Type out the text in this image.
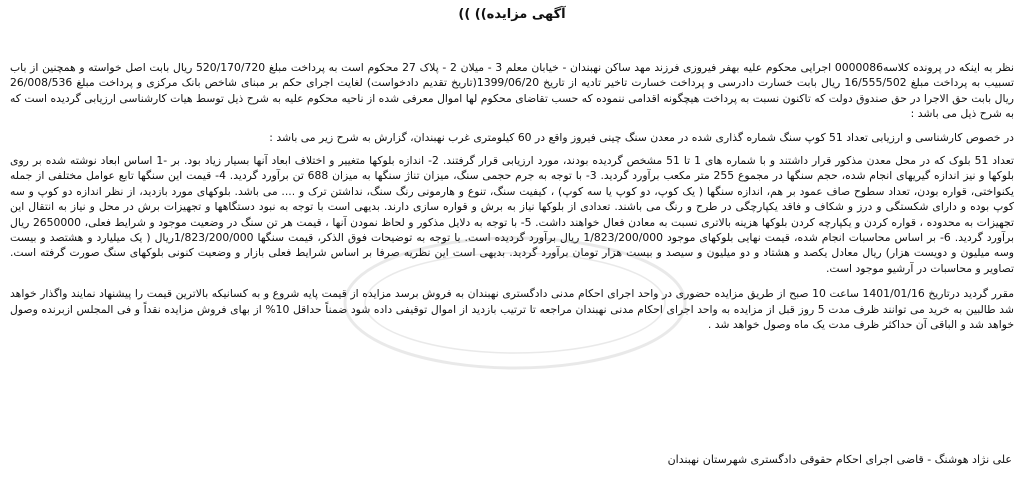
آگهی مزایده)) ))

نظر به اینکه در پرونده کلاسه0000086 اجرایی محکوم علیه بهفر فیروزی فرزند مهد ساکن نهبندان - خیابان معلم 3 - میلان 2 - پلاک 27 محکوم است به پرداخت مبلغ 520/170/720 ریال بابت اصل خواسته و همچنین از باب تسبیب به پرداخت مبلغ 16/555/502 ریال بابت خسارت دادرسی و پرداخت خسارت تاخیر تادیه از تاریخ 1399/06/20(تاریخ تقدیم دادخواست) لغایت اجرای حکم بر مبنای شاخص بانک مرکزی و پرداخت مبلغ 26/008/536 ریال بابت حق الاجرا در حق صندوق دولت که تاکنون نسبت به پرداخت هیچگونه اقدامی ننموده که حسب تقاضای محکوم لها اموال معرفی شده از ناحیه محکوم علیه به شرح ذیل توسط هیات کارشناسی ارزیابی گردیده است که به شرح ذیل می باشد :

در خصوص کارشناسی و ارزیابی تعداد 51 کوپ سنگ شماره گذاری شده در معدن سنگ چینی فیروز واقع در 60 کیلومتری غرب نهبندان، گزارش به شرح زیر می باشد :

تعداد 51 بلوک که در محل معدن مذکور قرار داشتند و با شماره های 1 تا 51 مشخص گردیده بودند، مورد ارزیابی قرار گرفتند. 2- اندازه بلوکها متغییر و اختلاف ابعاد آنها بسیار زیاد بود. بر -1 اساس ابعاد نوشته شده بر روی بلوکها و نیز اندازه گیریهای انجام شده، حجم سنگها در مجموع 255 متر مکعب برآورد گردید. 3- با توجه به جرم حجمی سنگ، میزان تناژ سنگها به میزان 688 تن برآورد گردید. 4- قیمت این سنگها تابع عوامل مختلفی از جمله یکنواختی، قواره بودن، تعداد سطوح صاف عمود بر هم، اندازه سنگها ( یک کوپ، دو کوپ یا سه کوپ) ، کیفیت سنگ، تنوع و هارمونی رنگ سنگ، نداشتن ترک و .... می باشد. بلوکهای مورد بازدید، از نظر اندازه دو کوپ و سه کوپ بوده و دارای شکستگی و درز و شکاف و فاقد یکپارچگی در طرح و رنگ می باشند. تعدادی از بلوکها نیاز به برش و قواره سازی دارند. بدیهی است با توجه به نبود دستگاهها و تجهیزات برش در محل و نیاز به انتقال این تجهیزات به محدوده ، قواره کردن و یکپارچه کردن بلوکها هزینه بالاتری نسبت به معادن فعال خواهند داشت. 5- با توجه به دلایل مذکور و لحاظ نمودن آنها ، قیمت هر تن سنگ در وضعیت موجود و شرایط فعلی، 2650000 ریال برآورد گردید. 6- بر اساس محاسبات انجام شده، قیمت نهایی بلوکهای موجود 1/823/200/000 ریال برآورد گردیده است. با توجه به توضیحات فوق الذکر، قیمت سنگها 1/823/200/000ریال ( یک میلیارد و هشتصد و بیست وسه میلیون و دویست هزار) ریال معادل یکصد و هشتاد و دو میلیون و سیصد و بیست هزار تومان برآورد گردید. بدیهی است این نظریه صرفا بر اساس شرایط فعلی بازار و وضعیت کنونی بلوکهای سنگ صورت گرفته است. تصاویر و محاسبات در آرشیو موجود است.

مقرر گردید درتاریخ 1401/01/16 ساعت 10 صبح از طریق مزایده حضوری در واحد اجرای احکام مدنی دادگستری نهبندان به فروش برسد مزایده از قیمت پایه شروع و به کسانیکه بالاترین قیمت را پیشنهاد نمایند واگذار خواهد شد طالبین به خرید می توانند ظرف مدت 5 روز قبل از مزایده به واحد اجرای احکام مدنی نهبندان مراجعه تا ترتیب بازدید از اموال توقیفی داده شود ضمناً حداقل 10% از بهای فروش مزایده نقداً و فی المجلس ازبرنده وصول خواهد شد و الباقی آن حداکثر ظرف مدت یک ماه وصول خواهد شد .

علی نژاد هوشنگ - قاضی اجرای احکام حقوقی دادگستری شهرستان نهبندان
